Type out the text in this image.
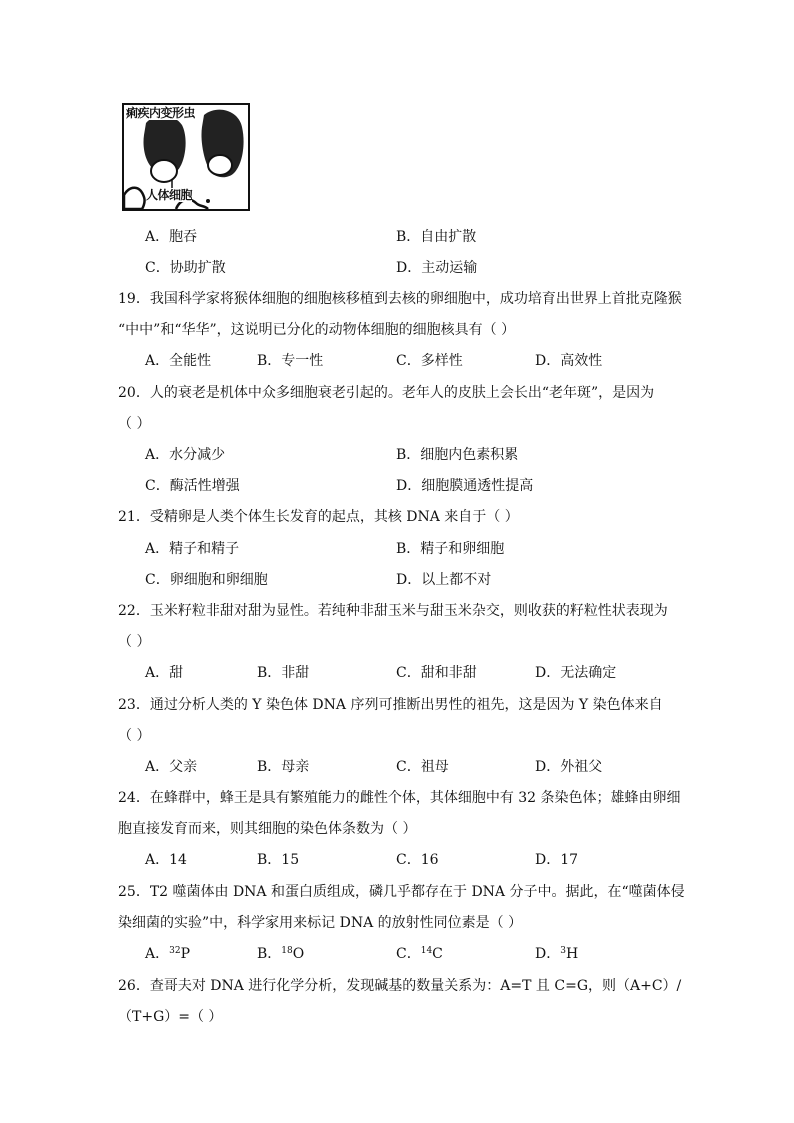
痢疾内变形虫
人体细胞
A．胞吞	B．自由扩散
C．协助扩散	D．主动运输
19．我国科学家将猴体细胞的细胞核移植到去核的卵细胞中，成功培育出世界上首批克隆猴
“中中”和“华华”，这说明已分化的动物体细胞的细胞核具有（ ）
A．全能性	B．专一性	C．多样性	D．高效性
20．人的衰老是机体中众多细胞衰老引起的。老年人的皮肤上会长出“老年斑”，是因为
（ ）
A．水分减少	B．细胞内色素积累
C．酶活性增强	D．细胞膜通透性提高
21．受精卵是人类个体生长发育的起点，其核 DNA 来自于（ ）
A．精子和精子	B．精子和卵细胞
C．卵细胞和卵细胞	D．以上都不对
22．玉米籽粒非甜对甜为显性。若纯种非甜玉米与甜玉米杂交，则收获的籽粒性状表现为
（ ）
A．甜	B．非甜	C．甜和非甜	D．无法确定
23．通过分析人类的 Y 染色体 DNA 序列可推断出男性的祖先，这是因为 Y 染色体来自
（ ）
A．父亲	B．母亲	C．祖母	D．外祖父
24．在蜂群中，蜂王是具有繁殖能力的雌性个体，其体细胞中有 32 条染色体；雄蜂由卵细
胞直接发育而来，则其细胞的染色体条数为（ ）
A．14	B．15	C．16	D．17
25．T2 噬菌体由 DNA 和蛋白质组成，磷几乎都存在于 DNA 分子中。据此，在“噬菌体侵
染细菌的实验”中，科学家用来标记 DNA 的放射性同位素是（ ）
A．$^{32}$P	B．$^{18}$O	C．$^{14}$C	D．$^3$H
26．查哥夫对 DNA 进行化学分析，发现碱基的数量关系为：A=T 且 C=G，则（A+C）/
（T+G）=（ ）
